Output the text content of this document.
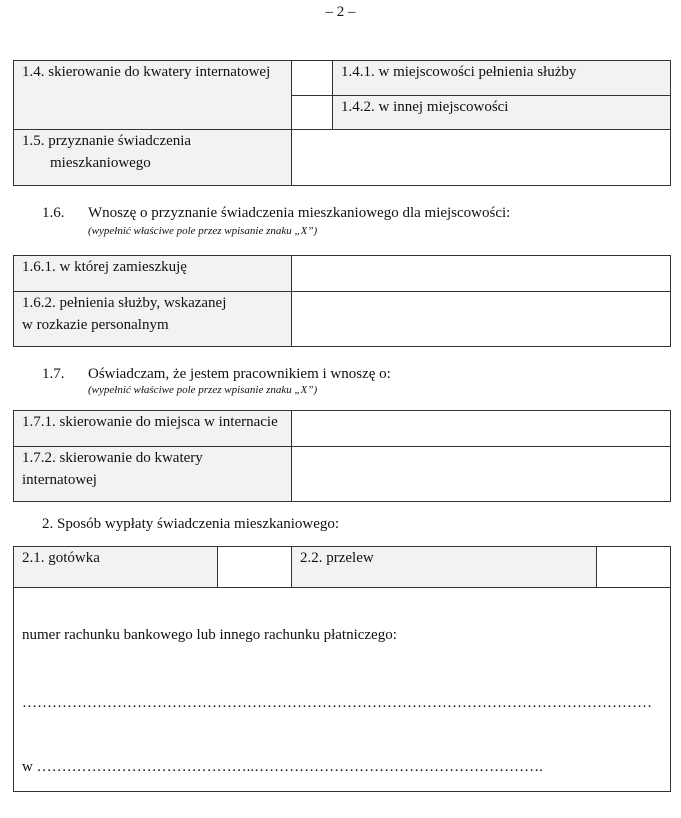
– 2 –
1.4. skierowanie do kwatery internatowej		1.4.1. w miejscowości pełnienia służby
		1.4.2. w innej miejscowości
1.5. przyznanie świadczenia
mieszkaniowego		

1.6. Wnoszę o przyznanie świadczenia mieszkaniowego dla miejscowości:
(wypełnić właściwe pole przez wpisanie znaku „X”)
1.6.1. w której zamieszkuję	
1.6.2. pełnienia służby, wskazanej
w rozkazie personalnym	
1.7. Oświadczam, że jestem pracownikiem i wnoszę o:
(wypełnić właściwe pole przez wpisanie znaku „X”)
1.7.1. skierowanie do miejsca w internacie	
1.7.2. skierowanie do kwatery
internatowej	
2. Sposób wypłaty świadczenia mieszkaniowego:
2.1. gotówka		2.2. przelew	

numer rachunku bankowego lub innego rachunku płatniczego:
………………………………………………………………………………………………………………
w ……………………………………..………………………………………………….
